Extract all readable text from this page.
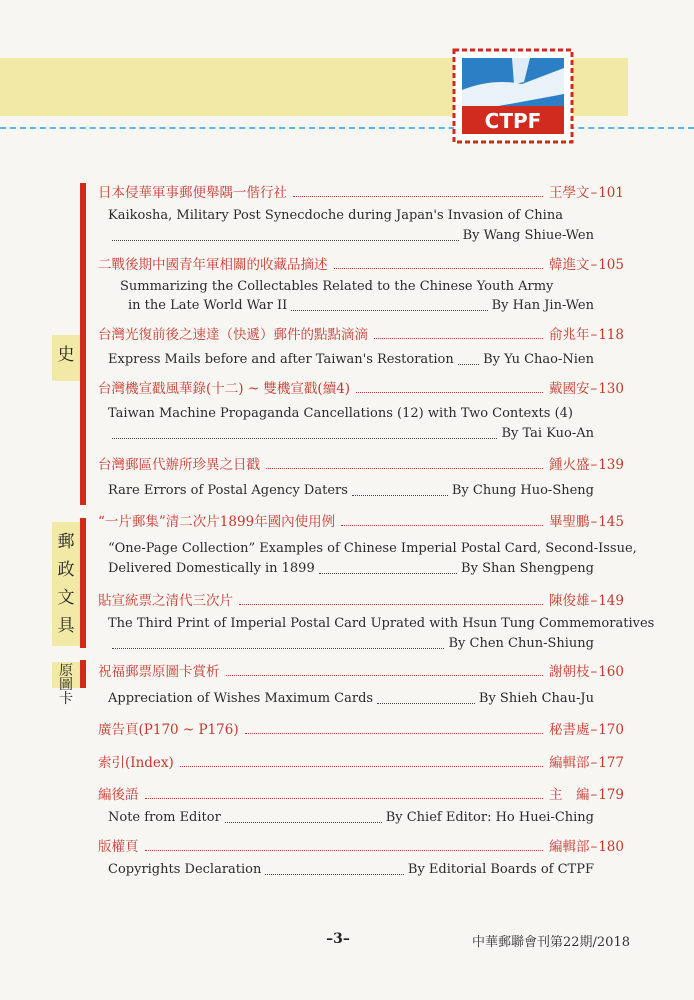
CTPF
史
郵
政
文
具
原
圖
卡
日本侵華軍事郵便舉隅一偕行社	王學文 – 101
Kaikosha, Military Post Synecdoche during Japan's Invasion of China
By Wang Shiue-Wen
二戰後期中國青年軍相關的收藏品摘述	韓進文 – 105
Summarizing the Collectables Related to the Chinese Youth Army
in the Late World War II	By Han Jin-Wen
台灣光復前後之速達（快遞）郵件的點點滴滴	俞兆年 – 118
Express Mails before and after Taiwan's Restoration By Yu Chao-Nien
台灣機宣戳風華錄(十二) ~ 雙機宣戳(續4)	戴國安 – 130
Taiwan Machine Propaganda Cancellations (12) with Two Contexts (4)
By Tai Kuo-An
台灣郵區代辦所珍異之日戳	鍾火盛 – 139
Rare Errors of Postal Agency Daters	By Chung Huo-Sheng
“一片郵集”清二次片1899年國內使用例	畢聖鵬 – 145
“One-Page Collection” Examples of Chinese Imperial Postal Card, Second-Issue,
Delivered Domestically in 1899	By Shan Shengpeng
貼宣統票之清代三次片	陳俊雄 – 149
The Third Print of Imperial Postal Card Uprated with Hsun Tung Commemoratives
By Chen Chun-Shiung
祝福郵票原圖卡賞析	謝朝枝 – 160
Appreciation of Wishes Maximum Cards	By Shieh Chau-Ju
廣告頁(P170 ~ P176)	秘書處 – 170
索引(Index)	編輯部 – 177
編後語	主　編 – 179
Note from Editor	By Chief Editor: Ho Huei-Ching
版權頁	編輯部 – 180
Copyrights Declaration	By Editorial Boards of CTPF
–3–	中華郵聯會刊第22期/2018
